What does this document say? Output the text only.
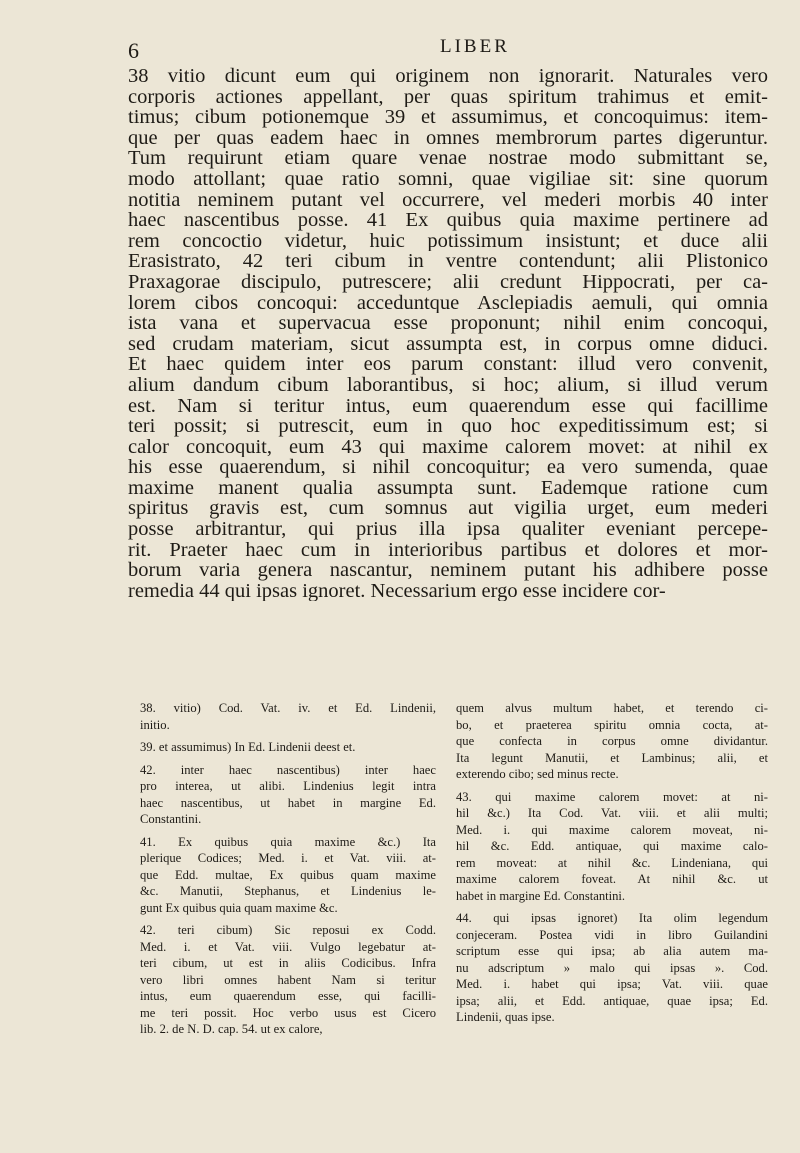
6	LIBER
38 vitio dicunt eum qui originem non ignorarit. Naturales vero
corporis actiones appellant, per quas spiritum trahimus et emit-
timus; cibum potionemque 39 et assumimus, et concoquimus: item-
que per quas eadem haec in omnes membrorum partes digeruntur.
Tum requirunt etiam quare venae nostrae modo submittant se,
modo attollant; quae ratio somni, quae vigiliae sit: sine quorum
notitia neminem putant vel occurrere, vel mederi morbis 40 inter
haec nascentibus posse. 41 Ex quibus quia maxime pertinere ad
rem concoctio videtur, huic potissimum insistunt; et duce alii
Erasistrato, 42 teri cibum in ventre contendunt; alii Plistonico
Praxagorae discipulo, putrescere; alii credunt Hippocrati, per ca-
lorem cibos concoqui: acceduntque Asclepiadis aemuli, qui omnia
ista vana et supervacua esse proponunt; nihil enim concoqui,
sed crudam materiam, sicut assumpta est, in corpus omne diduci.
Et haec quidem inter eos parum constant: illud vero convenit,
alium dandum cibum laborantibus, si hoc; alium, si illud verum
est. Nam si teritur intus, eum quaerendum esse qui facillime
teri possit; si putrescit, eum in quo hoc expeditissimum est; si
calor concoquit, eum 43 qui maxime calorem movet: at nihil ex
his esse quaerendum, si nihil concoquitur; ea vero sumenda, quae
maxime manent qualia assumpta sunt. Eademque ratione cum
spiritus gravis est, cum somnus aut vigilia urget, eum mederi
posse arbitrantur, qui prius illa ipsa qualiter eveniant percepe-
rit. Praeter haec cum in interioribus partibus et dolores et mor-
borum varia genera nascantur, neminem putant his adhibere posse
remedia 44 qui ipsas ignoret. Necessarium ergo esse incidere cor-
38. vitio) Cod. Vat. iv. et Ed. Lindenii,
initio.
39. et assumimus) In Ed. Lindenii deest et.
42. inter haec nascentibus) inter haec
pro interea, ut alibi. Lindenius legit intra
haec nascentibus, ut habet in margine Ed.
Constantini.
41. Ex quibus quia maxime &c.) Ita
plerique Codices; Med. i. et Vat. viii. at-
que Edd. multae, Ex quibus quam maxime
&c. Manutii, Stephanus, et Lindenius le-
gunt Ex quibus quia quam maxime &c.
42. teri cibum) Sic reposui ex Codd.
Med. i. et Vat. viii. Vulgo legebatur at-
teri cibum, ut est in aliis Codicibus. Infra
vero libri omnes habent Nam si teritur
intus, eum quaerendum esse, qui facilli-
me teri possit. Hoc verbo usus est Cicero
lib. 2. de N. D. cap. 54. ut ex calore,
quem alvus multum habet, et terendo ci-
bo, et praeterea spiritu omnia cocta, at-
que confecta in corpus omne dividantur.
Ita legunt Manutii, et Lambinus; alii, et
exterendo cibo; sed minus recte.
43. qui maxime calorem movet: at ni-
hil &c.) Ita Cod. Vat. viii. et alii multi;
Med. i. qui maxime calorem moveat, ni-
hil &c. Edd. antiquae, qui maxime calo-
rem moveat: at nihil &c. Lindeniana, qui
maxime calorem foveat. At nihil &c. ut
habet in margine Ed. Constantini.
44. qui ipsas ignoret) Ita olim legendum
conjeceram. Postea vidi in libro Guilandini
scriptum esse qui ipsa; ab alia autem ma-
nu adscriptum » malo qui ipsas ». Cod.
Med. i. habet qui ipsa; Vat. viii. quae
ipsa; alii, et Edd. antiquae, quae ipsa; Ed.
Lindenii, quas ipse.
